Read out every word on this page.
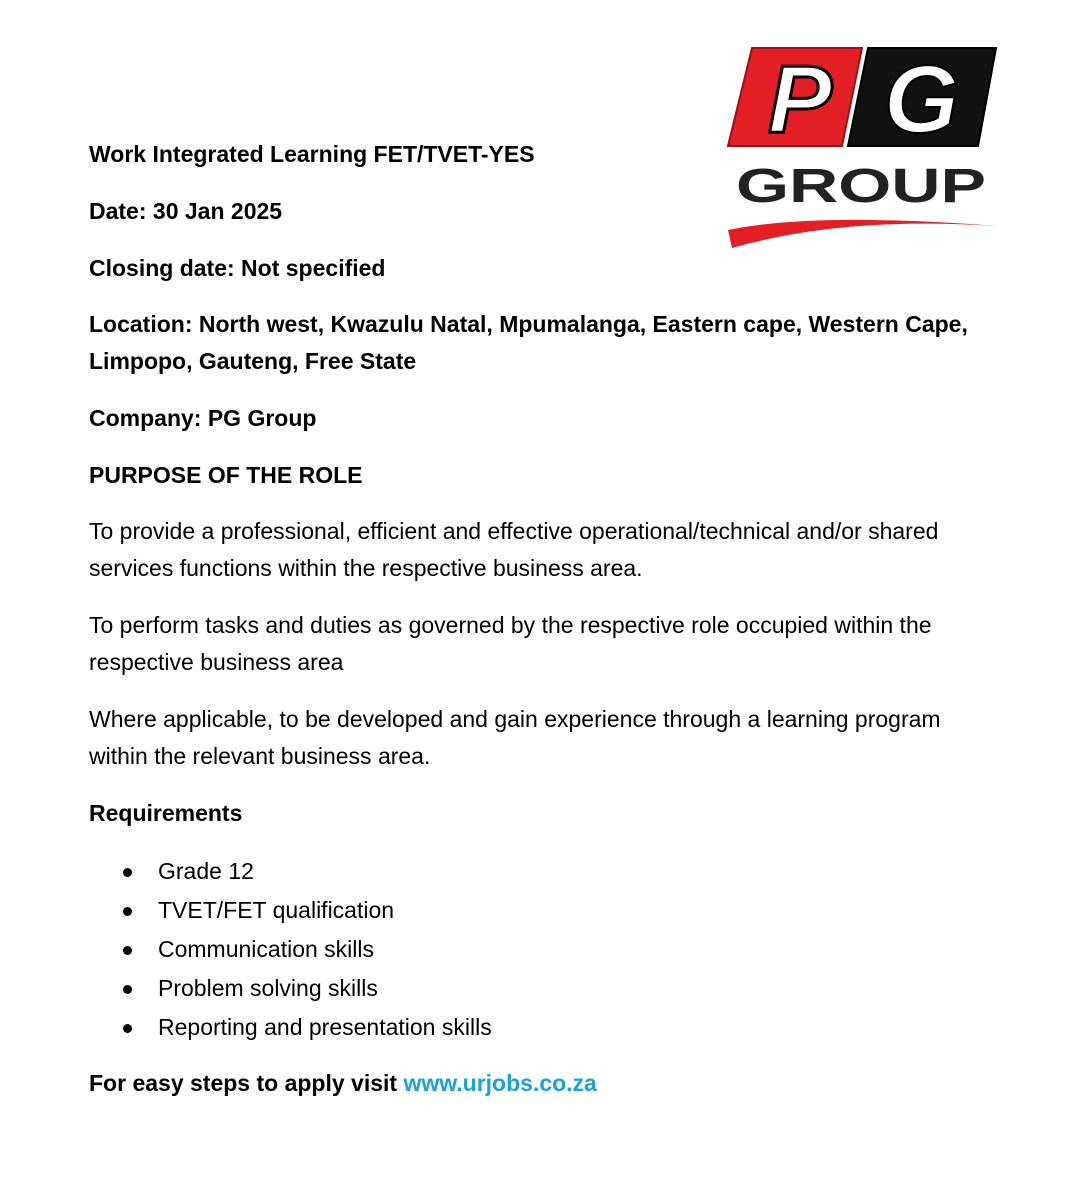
P G
GROUP
Work Integrated Learning FET/TVET-YES
Date: 30 Jan 2025
Closing date: Not specified
Location: North west, Kwazulu Natal, Mpumalanga, Eastern cape, Western Cape,
Limpopo, Gauteng, Free State
Company: PG Group
PURPOSE OF THE ROLE
To provide a professional, efficient and effective operational/technical and/or shared services functions within the respective business area.
To perform tasks and duties as governed by the respective role occupied within the respective business area
Where applicable, to be developed and gain experience through a learning program within the relevant business area.
Requirements
Grade 12
TVET/FET qualification
Communication skills
Problem solving skills
Reporting and presentation skills
For easy steps to apply visit www.urjobs.co.za
